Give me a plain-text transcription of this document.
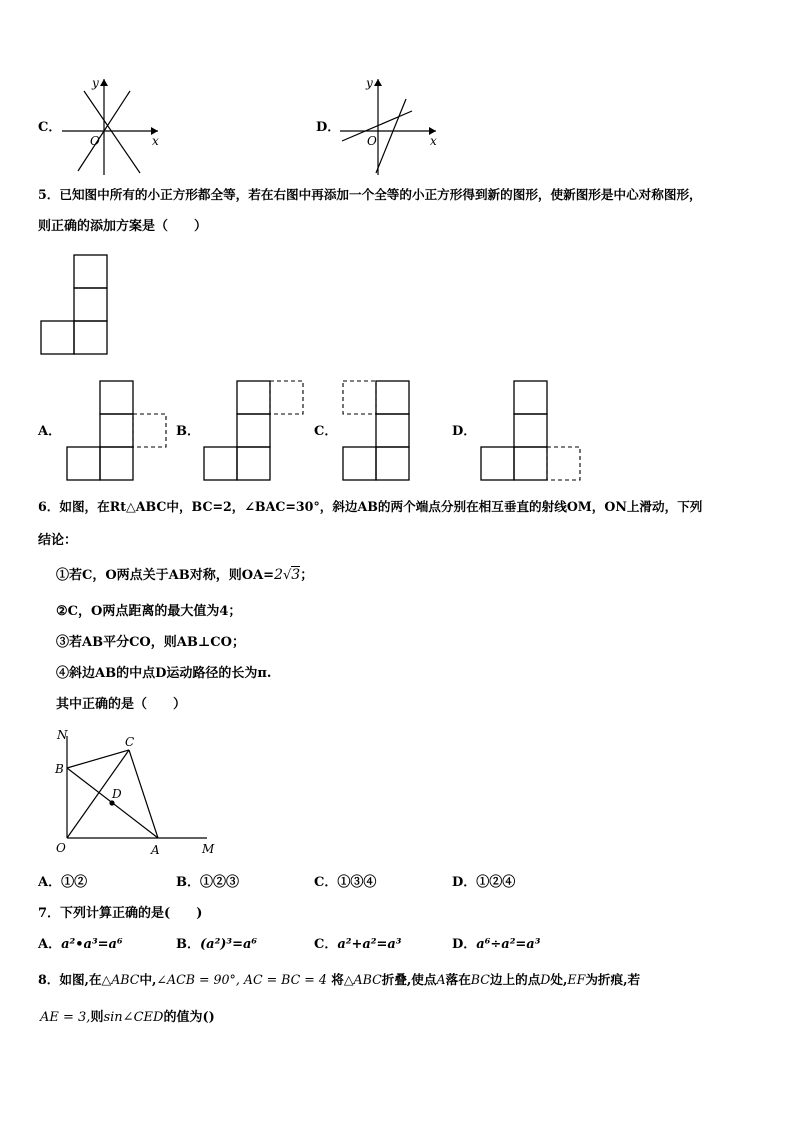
C．
y
x
O
D．
y
x
O
5．已知图中所有的小正方形都全等，若在右图中再添加一个全等的小正方形得到新的图形，使新图形是中心对称图形，
则正确的添加方案是（　　）
A．	B．	C．	D．
6．如图，在Rt△ABC中，BC=2，∠BAC=30°，斜边AB的两个端点分别在相互垂直的射线OM，ON上滑动，下列
结论：
①若C，O两点关于AB对称，则OA=2√3；
②C，O两点距离的最大值为4；
③若AB平分CO，则AB⊥CO；
④斜边AB的中点D运动路径的长为π.
其中正确的是（　　）
N	C
B
D
O	A	M
A．①②	B．①②③	C．①③④	D．①②④
7．下列计算正确的是(　　)
A．a²•a³=a⁶	B．(a²)³=a⁶	C．a²+a²=a³	D．a⁶÷a²=a³
8．如图,在△ABC中,∠ACB = 90°, AC = BC = 4 将△ABC折叠,使点A落在BC边上的点D处,EF为折痕,若
AE = 3,则sin∠CED的值为()
